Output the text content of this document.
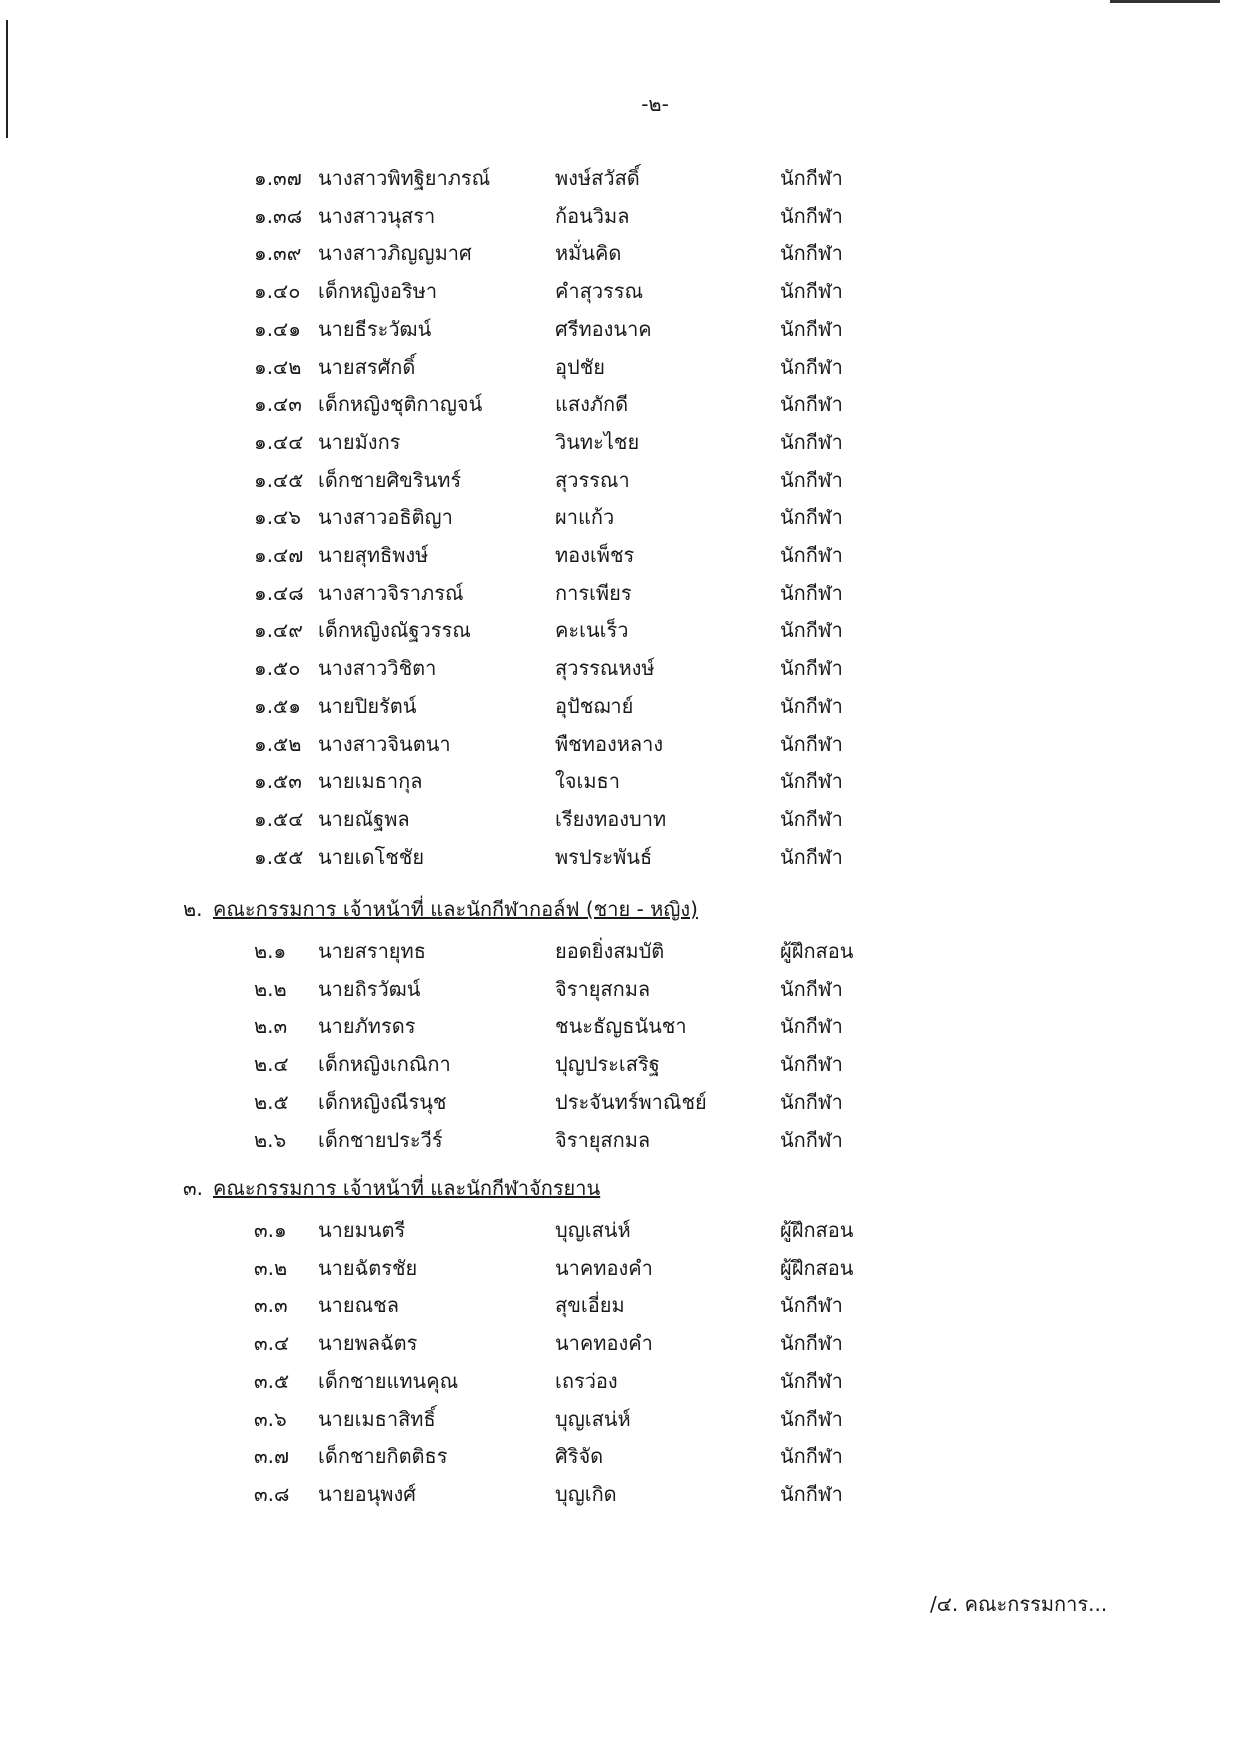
-๒-
๑.๓๗ นางสาวพิทฐิยาภรณ์	พงษ์สวัสดิ์	นักกีฬา
๑.๓๘ นางสาวนุสรา	ก้อนวิมล	นักกีฬา
๑.๓๙ นางสาวภิญญมาศ	หมั่นคิด	นักกีฬา
๑.๔๐ เด็กหญิงอริษา	คำสุวรรณ	นักกีฬา
๑.๔๑ นายธีระวัฒน์	ศรีทองนาค	นักกีฬา
๑.๔๒ นายสรศักดิ์	อุปชัย	นักกีฬา
๑.๔๓ เด็กหญิงชุติกาญจน์	แสงภักดี	นักกีฬา
๑.๔๔ นายมังกร	วินทะไชย	นักกีฬา
๑.๔๕ เด็กชายศิขรินทร์	สุวรรณา	นักกีฬา
๑.๔๖ นางสาวอธิติญา	ผาแก้ว	นักกีฬา
๑.๔๗ นายสุทธิพงษ์	ทองเพ็ชร	นักกีฬา
๑.๔๘ นางสาวจิราภรณ์	การเพียร	นักกีฬา
๑.๔๙ เด็กหญิงณัฐวรรณ	คะเนเร็ว	นักกีฬา
๑.๕๐ นางสาววิชิตา	สุวรรณหงษ์	นักกีฬา
๑.๕๑ นายปิยรัตน์	อุปัชฌาย์	นักกีฬา
๑.๕๒ นางสาวจินตนา	พืชทองหลาง	นักกีฬา
๑.๕๓ นายเมธากุล	ใจเมธา	นักกีฬา
๑.๕๔ นายณัฐพล	เรียงทองบาท	นักกีฬา
๑.๕๕ นายเดโชชัย	พรประพันธ์	นักกีฬา
๒. คณะกรรมการ เจ้าหน้าที่ และนักกีฬากอล์ฟ (ชาย - หญิง)
๒.๑ นายสรายุทธ	ยอดยิ่งสมบัติ	ผู้ฝึกสอน
๒.๒ นายถิรวัฒน์	จิรายุสกมล	นักกีฬา
๒.๓ นายภัทรดร	ชนะธัญธนันชา	นักกีฬา
๒.๔ เด็กหญิงเกณิกา	ปุญประเสริฐ	นักกีฬา
๒.๕ เด็กหญิงณีรนุช	ประจันทร์พาณิชย์	นักกีฬา
๒.๖ เด็กชายประวีร์	จิรายุสกมล	นักกีฬา
๓. คณะกรรมการ เจ้าหน้าที่ และนักกีฬาจักรยาน
๓.๑ นายมนตรี	บุญเสน่ห์	ผู้ฝึกสอน
๓.๒ นายฉัตรชัย	นาคทองคำ	ผู้ฝึกสอน
๓.๓ นายณชล	สุขเอี่ยม	นักกีฬา
๓.๔ นายพลฉัตร	นาคทองคำ	นักกีฬา
๓.๕ เด็กชายแทนคุณ	เถรว่อง	นักกีฬา
๓.๖ นายเมธาสิทธิ์	บุญเสน่ห์	นักกีฬา
๓.๗ เด็กชายกิตติธร	ศิริจัด	นักกีฬา
๓.๘ นายอนุพงศ์	บุญเกิด	นักกีฬา
/๔. คณะกรรมการ...
